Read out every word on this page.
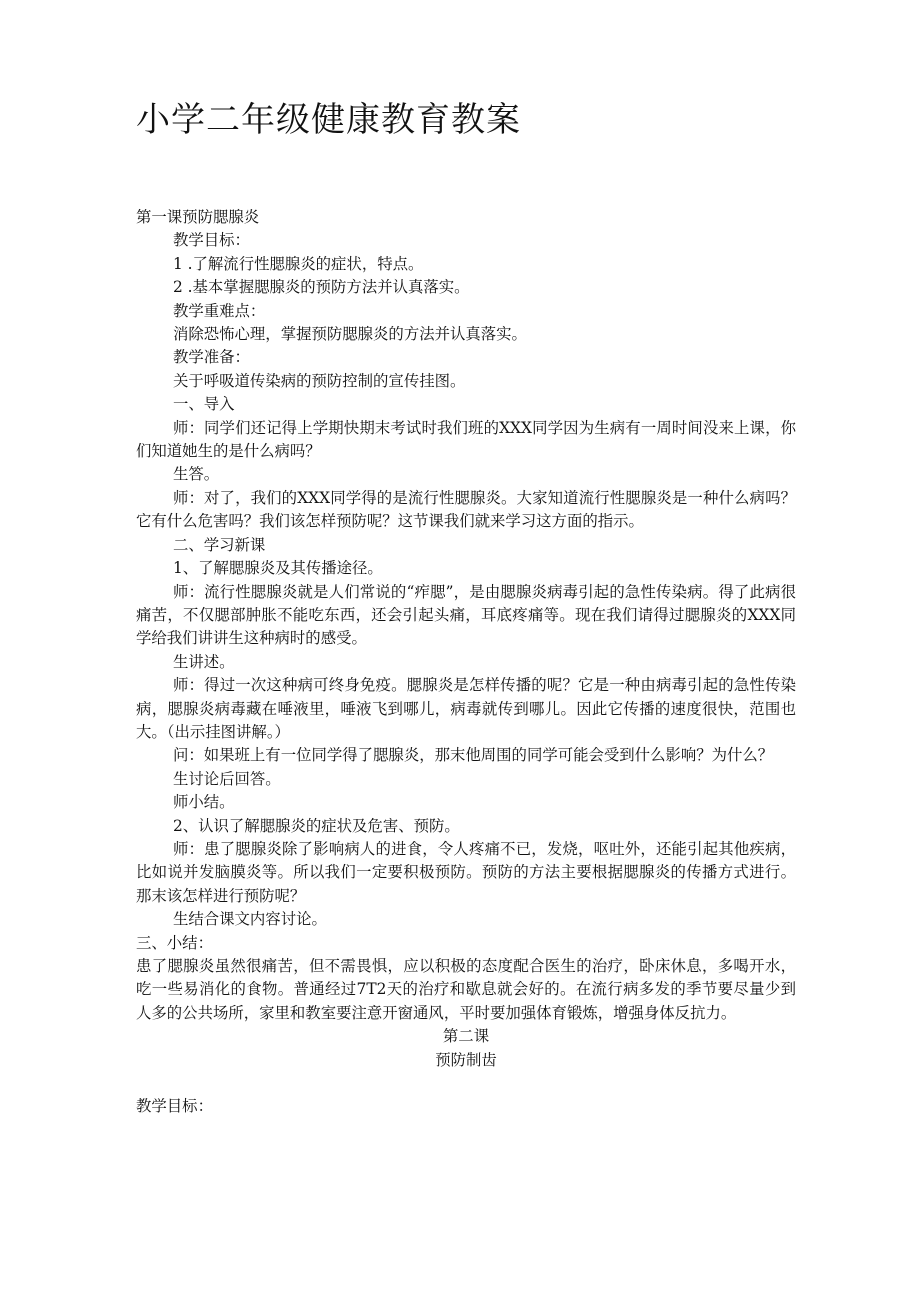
小学二年级健康教育教案

第一课预防腮腺炎

教学目标：

1 .了解流行性腮腺炎的症状，特点。

2 .基本掌握腮腺炎的预防方法并认真落实。

教学重难点：

消除恐怖心理，掌握预防腮腺炎的方法并认真落实。

教学准备：

关于呼吸道传染病的预防控制的宣传挂图。

一、导入

师：同学们还记得上学期快期末考试时我们班的XXX同学因为生病有一周时间没来上课，你们知道她生的是什么病吗？

生答。

师：对了，我们的XXX同学得的是流行性腮腺炎。大家知道流行性腮腺炎是一种什么病吗？它有什么危害吗？我们该怎样预防呢？这节课我们就来学习这方面的指示。

二、学习新课

1、了解腮腺炎及其传播途径。

师：流行性腮腺炎就是人们常说的“痄腮”，是由腮腺炎病毒引起的急性传染病。得了此病很痛苦，不仅腮部肿胀不能吃东西，还会引起头痛，耳底疼痛等。现在我们请得过腮腺炎的XXX同学给我们讲讲生这种病时的感受。

生讲述。

师：得过一次这种病可终身免疫。腮腺炎是怎样传播的呢？它是一种由病毒引起的急性传染病，腮腺炎病毒藏在唾液里，唾液飞到哪儿，病毒就传到哪儿。因此它传播的速度很快，范围也大。（出示挂图讲解。）

问：如果班上有一位同学得了腮腺炎，那末他周围的同学可能会受到什么影响？为什么？

生讨论后回答。

师小结。

2、认识了解腮腺炎的症状及危害、预防。

师：患了腮腺炎除了影响病人的进食，令人疼痛不已，发烧，呕吐外，还能引起其他疾病，比如说并发脑膜炎等。所以我们一定要积极预防。预防的方法主要根据腮腺炎的传播方式进行。那末该怎样进行预防呢？

生结合课文内容讨论。

三、小结：

患了腮腺炎虽然很痛苦，但不需畏惧，应以积极的态度配合医生的治疗，卧床休息，多喝开水，吃一些易消化的食物。普通经过7T2天的治疗和歇息就会好的。在流行病多发的季节要尽量少到人多的公共场所，家里和教室要注意开窗通风，平时要加强体育锻炼，增强身体反抗力。

第二课

预防制齿

教学目标：
